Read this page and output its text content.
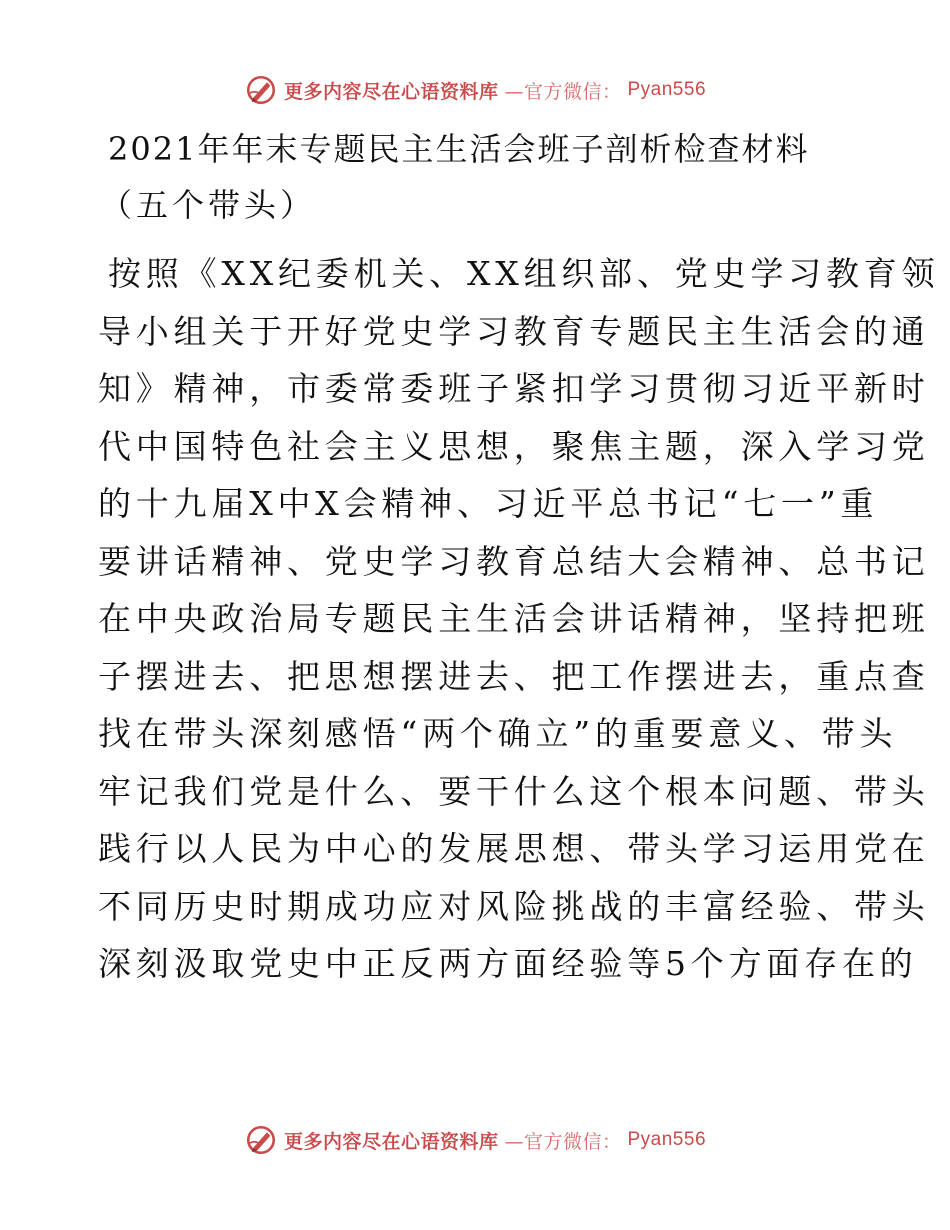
更多内容尽在心语资料库 —官方微信： Pyan556
2021年年末专题民主生活会班子剖析检查材料
（五个带头）
按照《XX纪委机关、XX组织部、党史学习教育领
导小组关于开好党史学习教育专题民主生活会的通
知》精神，市委常委班子紧扣学习贯彻习近平新时
代中国特色社会主义思想，聚焦主题，深入学习党
的十九届X中X会精神、习近平总书记“七一”重
要讲话精神、党史学习教育总结大会精神、总书记
在中央政治局专题民主生活会讲话精神，坚持把班
子摆进去、把思想摆进去、把工作摆进去，重点查
找在带头深刻感悟“两个确立”的重要意义、带头
牢记我们党是什么、要干什么这个根本问题、带头
践行以人民为中心的发展思想、带头学习运用党在
不同历史时期成功应对风险挑战的丰富经验、带头
深刻汲取党史中正反两方面经验等5个方面存在的
更多内容尽在心语资料库 —官方微信： Pyan556
